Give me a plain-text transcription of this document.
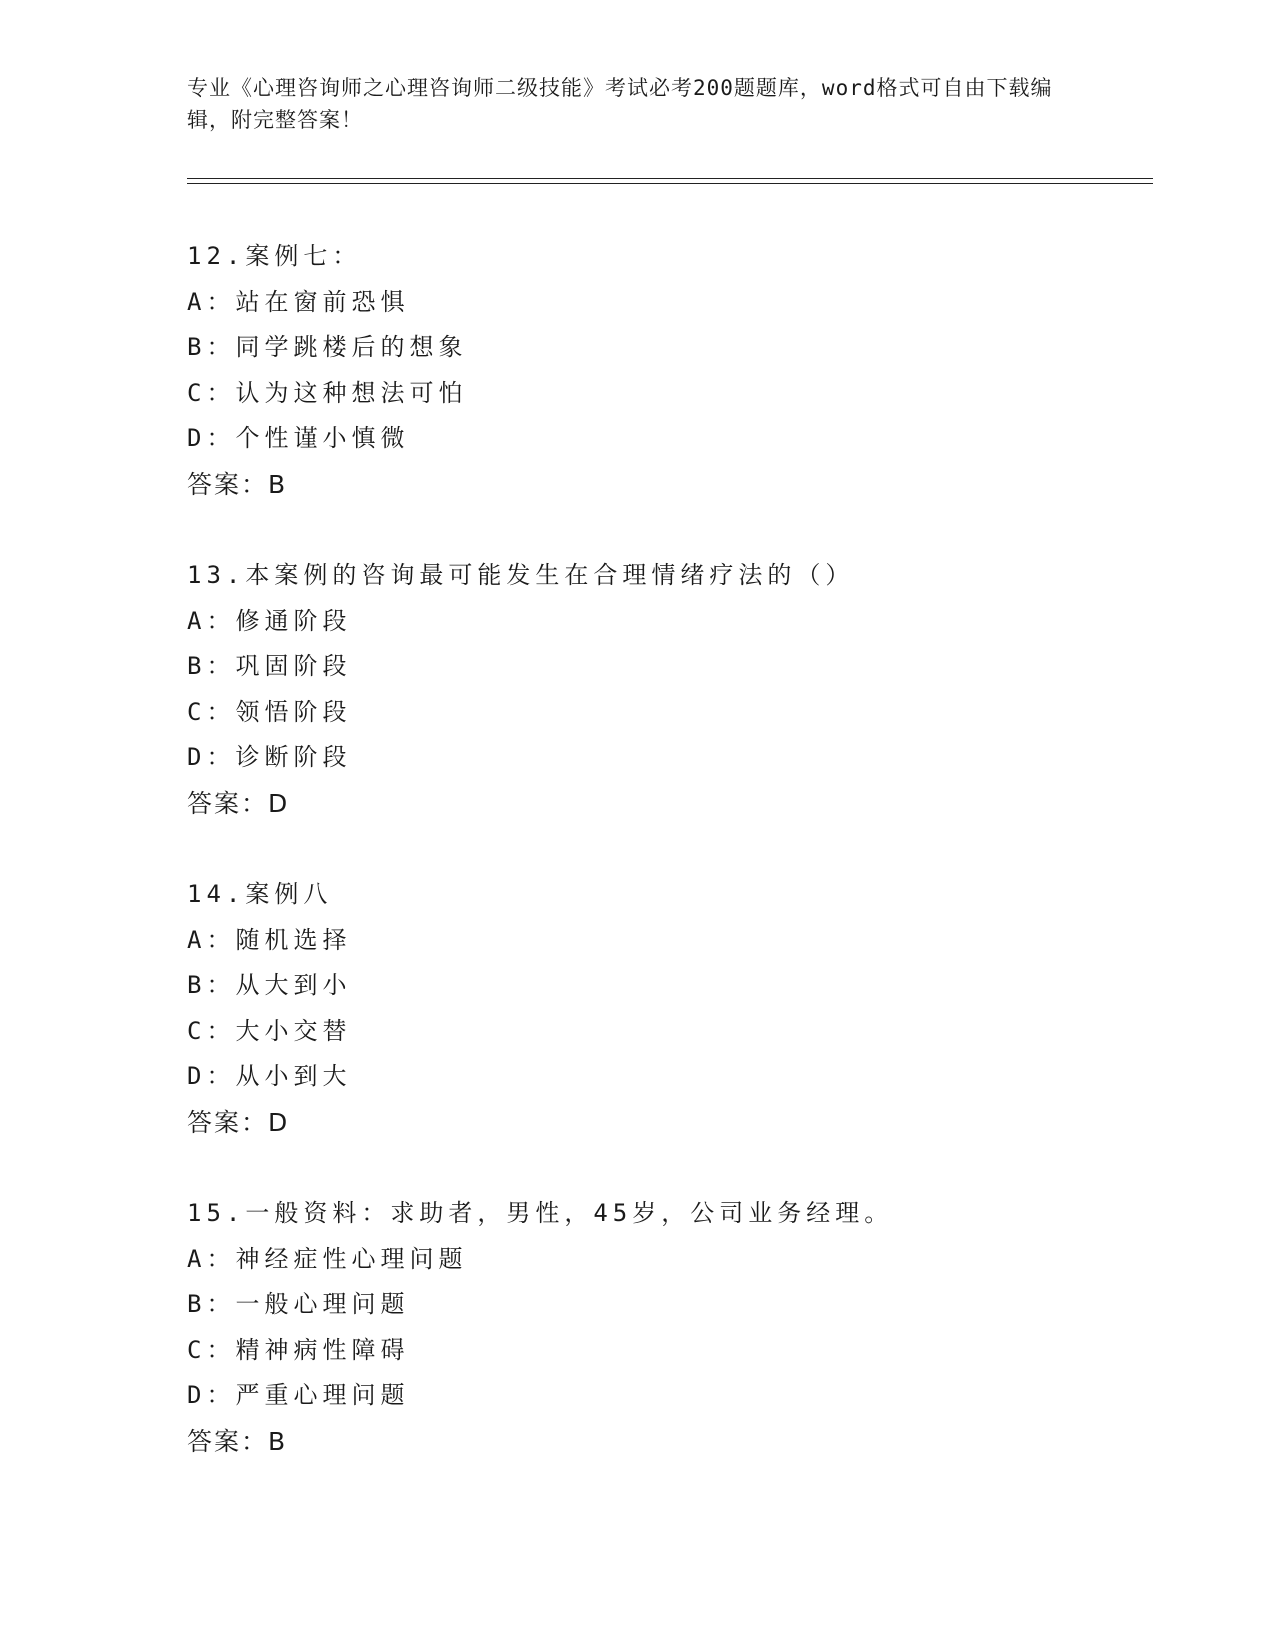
专业《心理咨询师之心理咨询师二级技能》考试必考200题题库，word格式可自由下载编辑，附完整答案！
12.案例七：
A：站在窗前恐惧
B：同学跳楼后的想象
C：认为这种想法可怕
D：个性谨小慎微
答案：B
13.本案例的咨询最可能发生在合理情绪疗法的（）
A：修通阶段
B：巩固阶段
C：领悟阶段
D：诊断阶段
答案：D
14.案例八
A：随机选择
B：从大到小
C：大小交替
D：从小到大
答案：D
15.一般资料：求助者，男性，45岁，公司业务经理。
A：神经症性心理问题
B：一般心理问题
C：精神病性障碍
D：严重心理问题
答案：B
